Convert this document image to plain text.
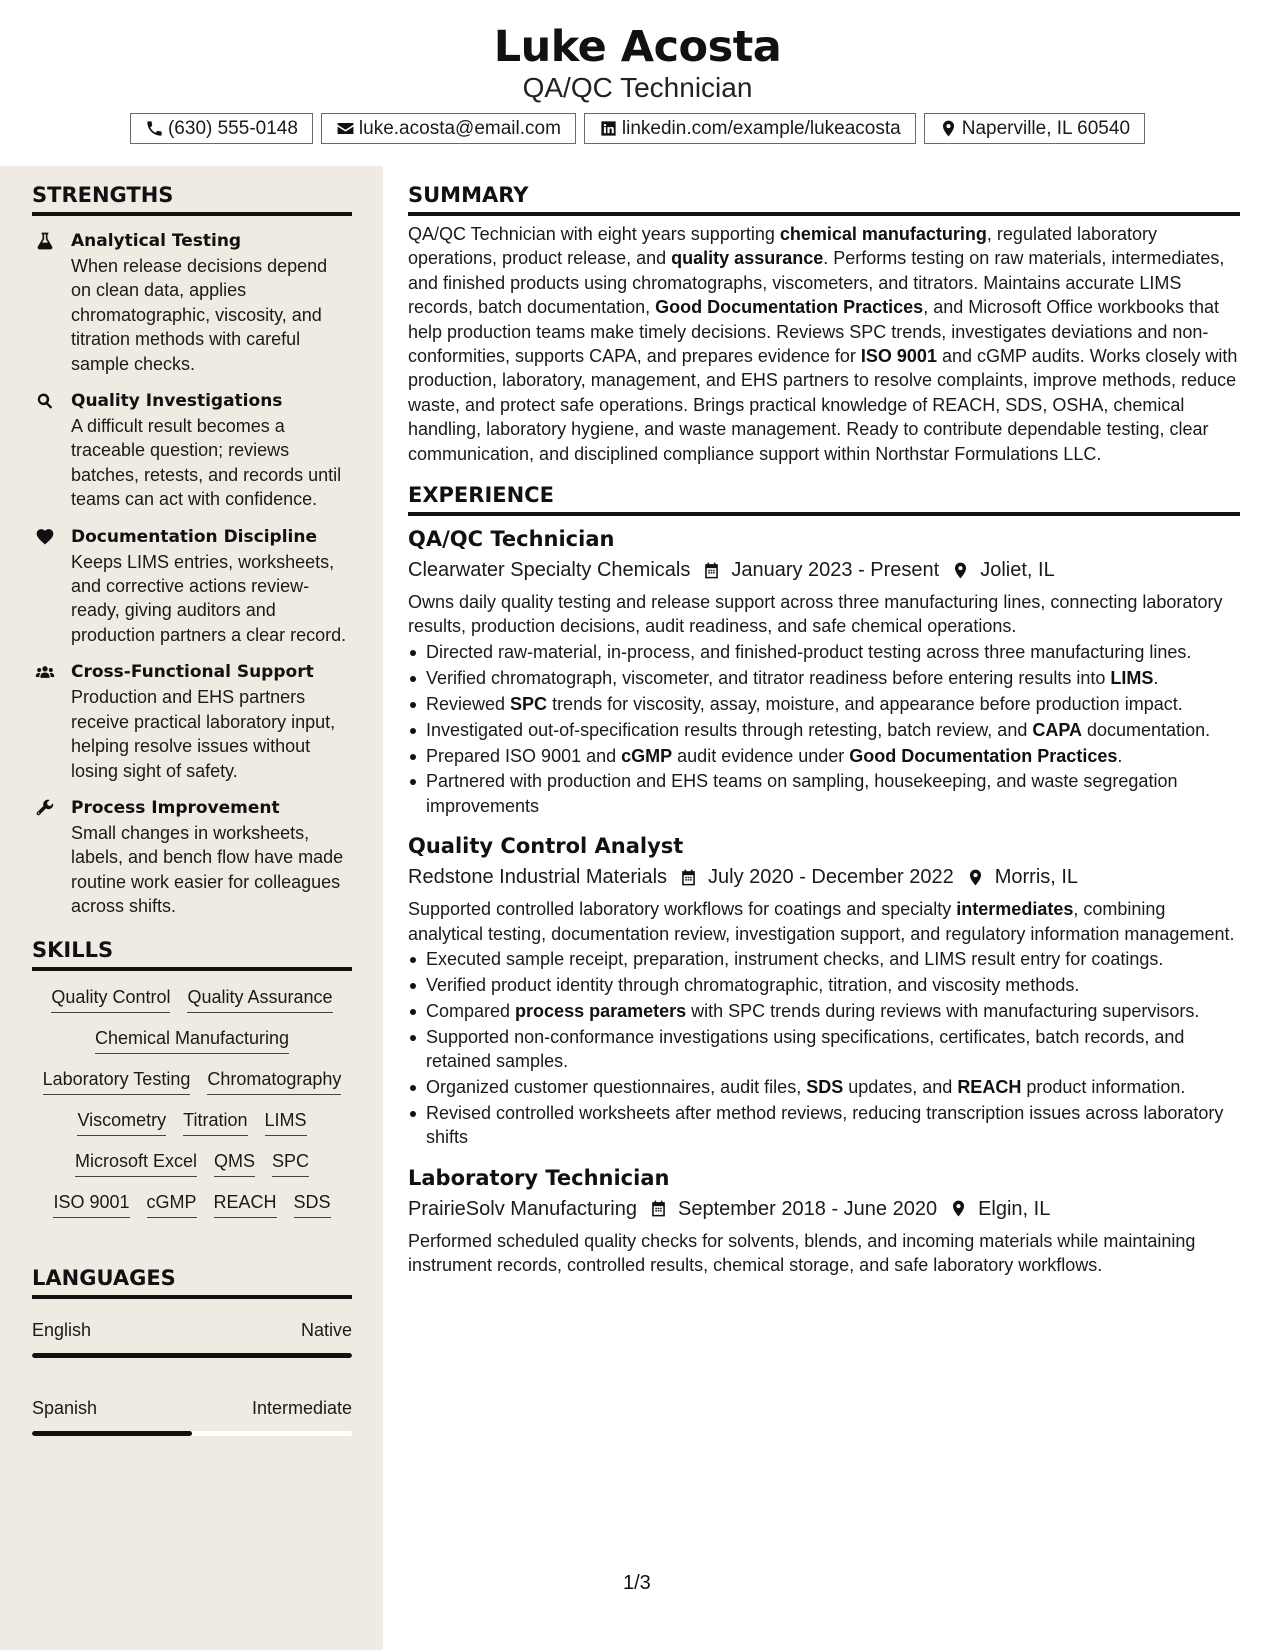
Luke Acosta
QA/QC Technician
(630) 555-0148	luke.acosta@email.com	linkedin.com/example/lukeacosta	Naperville, IL 60540
STRENGTHS
Analytical Testing
When release decisions depend on clean data, applies chromatographic, viscosity, and titration methods with careful sample checks.
Quality Investigations
A difficult result becomes a traceable question; reviews batches, retests, and records until teams can act with confidence.
Documentation Discipline
Keeps LIMS entries, worksheets, and corrective actions review-ready, giving auditors and production partners a clear record.
Cross-Functional Support
Production and EHS partners receive practical laboratory input, helping resolve issues without losing sight of safety.
Process Improvement
Small changes in worksheets, labels, and bench flow have made routine work easier for colleagues across shifts.
SKILLS
Quality Control Quality Assurance
Chemical Manufacturing
Laboratory Testing Chromatography
Viscometry Titration LIMS
Microsoft Excel QMS SPC
ISO 9001 cGMP REACH SDS
LANGUAGES
English	Native
Spanish	Intermediate
SUMMARY
QA/QC Technician with eight years supporting chemical manufacturing, regulated laboratory operations, product release, and quality assurance. Performs testing on raw materials, intermediates, and finished products using chromatographs, viscometers, and titrators. Maintains accurate LIMS records, batch documentation, Good Documentation Practices, and Microsoft Office workbooks that help production teams make timely decisions. Reviews SPC trends, investigates deviations and non-conformities, supports CAPA, and prepares evidence for ISO 9001 and cGMP audits. Works closely with production, laboratory, management, and EHS partners to resolve complaints, improve methods, reduce waste, and protect safe operations. Brings practical knowledge of REACH, SDS, OSHA, chemical handling, laboratory hygiene, and waste management. Ready to contribute dependable testing, clear communication, and disciplined compliance support within Northstar Formulations LLC.
EXPERIENCE
QA/QC Technician
Clearwater Specialty Chemicals January 2023 - Present Joliet, IL
Owns daily quality testing and release support across three manufacturing lines, connecting laboratory results, production decisions, audit readiness, and safe chemical operations.
Directed raw-material, in-process, and finished-product testing across three manufacturing lines.
Verified chromatograph, viscometer, and titrator readiness before entering results into LIMS.
Reviewed SPC trends for viscosity, assay, moisture, and appearance before production impact.
Investigated out-of-specification results through retesting, batch review, and CAPA documentation.
Prepared ISO 9001 and cGMP audit evidence under Good Documentation Practices.
Partnered with production and EHS teams on sampling, housekeeping, and waste segregation improvements
Quality Control Analyst
Redstone Industrial Materials July 2020 - December 2022 Morris, IL
Supported controlled laboratory workflows for coatings and specialty intermediates, combining analytical testing, documentation review, investigation support, and regulatory information management.
Executed sample receipt, preparation, instrument checks, and LIMS result entry for coatings.
Verified product identity through chromatographic, titration, and viscosity methods.
Compared process parameters with SPC trends during reviews with manufacturing supervisors.
Supported non-conformance investigations using specifications, certificates, batch records, and retained samples.
Organized customer questionnaires, audit files, SDS updates, and REACH product information.
Revised controlled worksheets after method reviews, reducing transcription issues across laboratory shifts
Laboratory Technician
PrairieSolv Manufacturing September 2018 - June 2020 Elgin, IL
Performed scheduled quality checks for solvents, blends, and incoming materials while maintaining instrument records, controlled results, chemical storage, and safe laboratory workflows.
1/3
